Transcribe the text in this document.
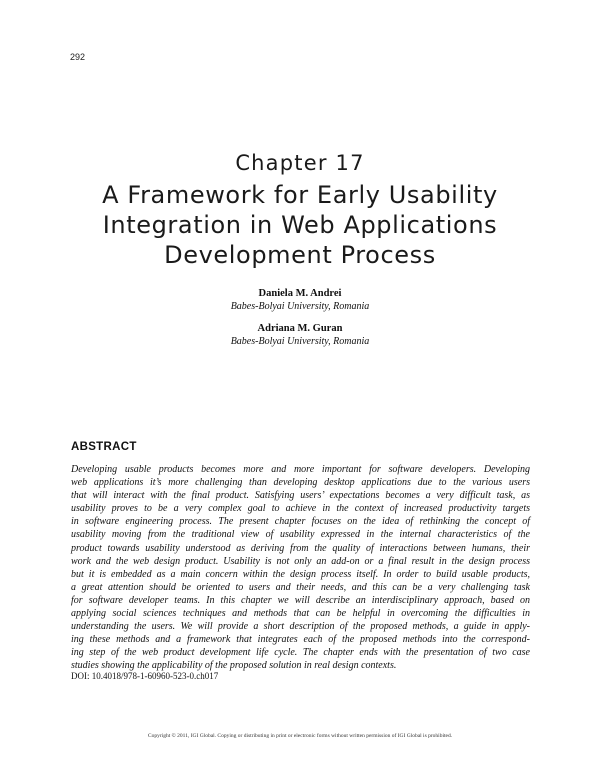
292
Chapter 17
A Framework for Early Usability
Integration in Web Applications
Development Process
Daniela M. Andrei
Babes-Bolyai University, Romania
Adriana M. Guran
Babes-Bolyai University, Romania
ABSTRACT
Developing usable products becomes more and more important for software developers. Developing
web applications it’s more challenging than developing desktop applications due to the various users
that will interact with the final product. Satisfying users’ expectations becomes a very difficult task, as
usability proves to be a very complex goal to achieve in the context of increased productivity targets
in software engineering process. The present chapter focuses on the idea of rethinking the concept of
usability moving from the traditional view of usability expressed in the internal characteristics of the
product towards usability understood as deriving from the quality of interactions between humans, their
work and the web design product. Usability is not only an add-on or a final result in the design process
but it is embedded as a main concern within the design process itself. In order to build usable products,
a great attention should be oriented to users and their needs, and this can be a very challenging task
for software developer teams. In this chapter we will describe an interdisciplinary approach, based on
applying social sciences techniques and methods that can be helpful in overcoming the difficulties in
understanding the users. We will provide a short description of the proposed methods, a guide in apply-
ing these methods and a framework that integrates each of the proposed methods into the correspond-
ing step of the web product development life cycle. The chapter ends with the presentation of two case
studies showing the applicability of the proposed solution in real design contexts.
DOI: 10.4018/978-1-60960-523-0.ch017
Copyright © 2011, IGI Global. Copying or distributing in print or electronic forms without written permission of IGI Global is prohibited.
